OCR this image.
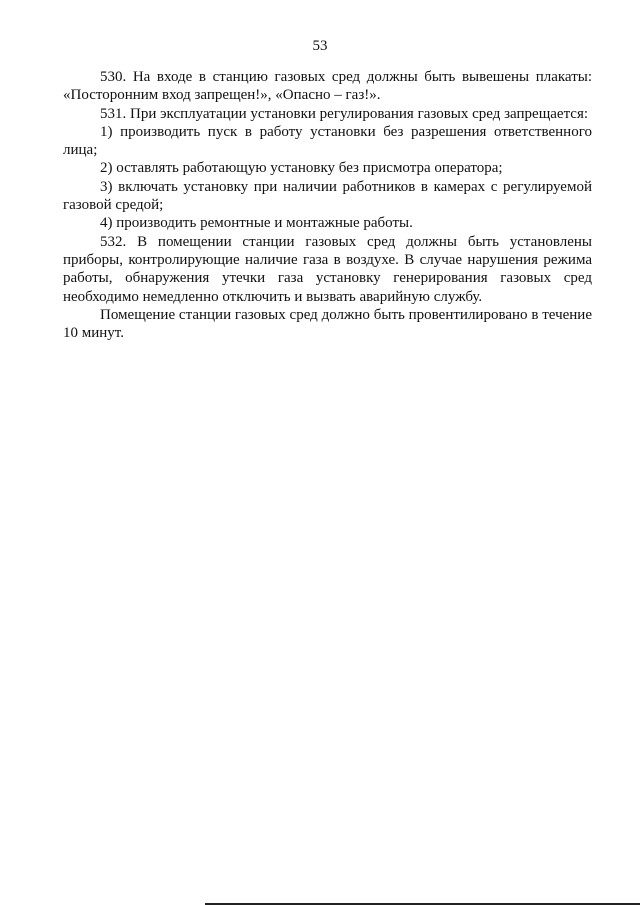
53

530. На входе в станцию газовых сред должны быть вывешены плакаты: «Посторонним вход запрещен!», «Опасно – газ!».

531. При эксплуатации установки регулирования газовых сред запрещается:

1) производить пуск в работу установки без разрешения ответственного лица;

2) оставлять работающую установку без присмотра оператора;

3) включать установку при наличии работников в камерах с регулируемой газовой средой;

4) производить ремонтные и монтажные работы.

532. В помещении станции газовых сред должны быть установлены приборы, контролирующие наличие газа в воздухе. В случае нарушения режима работы, обнаружения утечки газа установку генерирования газовых сред необходимо немедленно отключить и вызвать аварийную службу.

Помещение станции газовых сред должно быть провентилировано в течение 10 минут.
